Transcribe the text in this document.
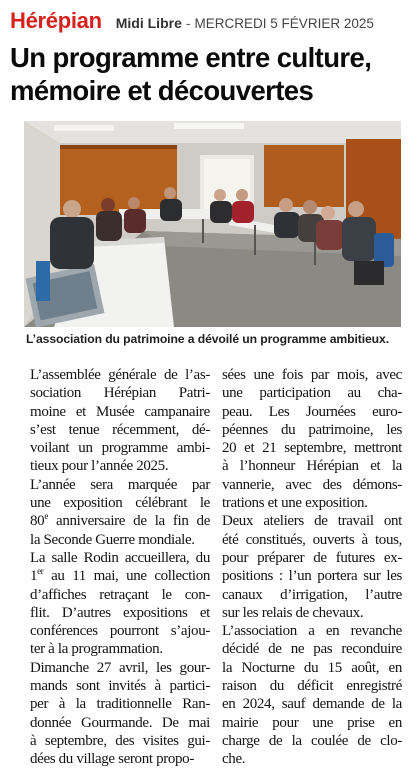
Hérépian Midi Libre - MERCREDI 5 FÉVRIER 2025
Un programme entre culture,
mémoire et découvertes
L’association du patrimoine a dévoilé un programme ambitieux.
L’assemblée générale de l’as-
sociation Hérépian Patri-
moine et Musée campanaire
s’est tenue récemment, dé-
voilant un programme ambi-
tieux pour l’année 2025.
L’année sera marquée par
une exposition célébrant le
80e anniversaire de la fin de
la Seconde Guerre mondiale.
La salle Rodin accueillera, du
1er au 11 mai, une collection
d’affiches retraçant le con-
flit. D’autres expositions et
conférences pourront s’ajou-
ter à la programmation.
Dimanche 27 avril, les gour-
mands sont invités à partici-
per à la traditionnelle Ran-
donnée Gourmande. De mai
à septembre, des visites gui-
dées du village seront propo-
sées une fois par mois, avec
une participation au cha-
peau. Les Journées euro-
péennes du patrimoine, les
20 et 21 septembre, mettront
à l’honneur Hérépian et la
vannerie, avec des démons-
trations et une exposition.
Deux ateliers de travail ont
été constitués, ouverts à tous,
pour préparer de futures ex-
positions : l’un portera sur les
canaux d’irrigation, l’autre
sur les relais de chevaux.
L’association a en revanche
décidé de ne pas reconduire
la Nocturne du 15 août, en
raison du déficit enregistré
en 2024, sauf demande de la
mairie pour une prise en
charge de la coulée de clo-
che.
